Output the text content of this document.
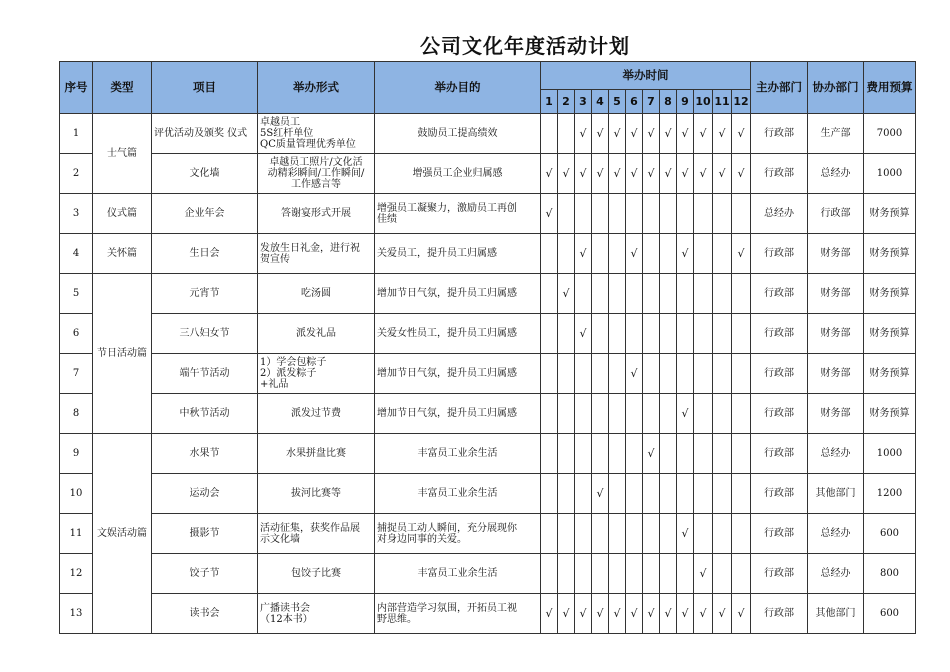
公司文化年度活动计划
序号	类型	项目	举办形式	举办目的	举办时间												主办部门	协办部门	费用预算
					1	2	3	4	5	6	7	8	9	10	11	12			
1	士气篇	评优活动及颁奖 仪式	卓越员工
5S红杆单位
QC质量管理优秀单位	鼓励员工提高绩效			√	√	√	√	√	√	√	√	√	√	行政部	生产部	7000
2		文化墙	卓越员工照片/文化活
动精彩瞬间/工作瞬间/
工作感言等	增强员工企业归属感	√	√	√	√	√	√	√	√	√	√	√	√	行政部	总经办	1000
3	仪式篇	企业年会	答谢宴形式开展	增强员工凝聚力，激励员工再创
佳绩	√												总经办	行政部	财务预算
4	关怀篇	生日会	发放生日礼金，进行祝
贺宣传	关爱员工，提升员工归属感			√			√			√			√	行政部	财务部	财务预算
5	节日活动篇	元宵节	吃汤圆	增加节日气氛，提升员工归属感		√											行政部	财务部	财务预算
6		三八妇女节	派发礼品	关爱女性员工，提升员工归属感			√										行政部	财务部	财务预算
7		端午节活动	1）学会包粽子
2）派发粽子
+礼品	增加节日气氛，提升员工归属感						√							行政部	财务部	财务预算
8		中秋节活动	派发过节费	增加节日气氛，提升员工归属感									√				行政部	财务部	财务预算
9	文娱活动篇	水果节	水果拼盘比赛	丰富员工业余生活							√						行政部	总经办	1000
10		运动会	拔河比赛等	丰富员工业余生活				√									行政部	其他部门	1200
11		摄影节	活动征集，获奖作品展
示文化墙	捕捉员工动人瞬间，充分展现你
对身边同事的关爱。									√				行政部	总经办	600
12		饺子节	包饺子比赛	丰富员工业余生活										√			行政部	总经办	800
13		读书会	广播读书会
（12本书）	内部营造学习氛围，开拓员工视
野思维。	√	√	√	√	√	√	√	√	√	√	√	√	行政部	其他部门	600
